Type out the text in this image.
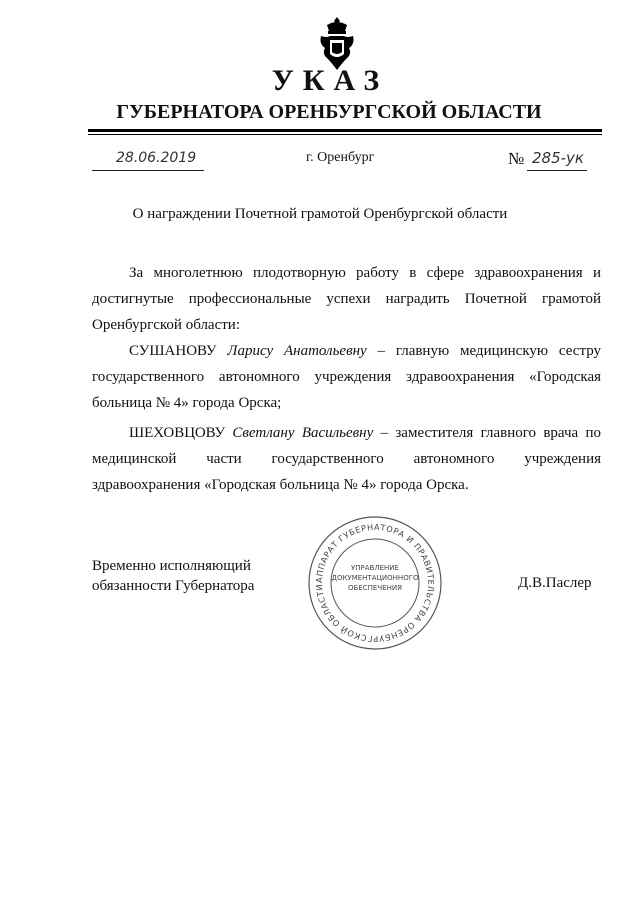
УКАЗ
ГУБЕРНАТОРА ОРЕНБУРГСКОЙ ОБЛАСТИ
28.06.2019	г. Оренбург	№ 285-ук
О награждении Почетной грамотой Оренбургской области
За многолетнюю плодотворную работу в сфере здравоохранения и достигнутые профессиональные успехи наградить Почетной грамотой Оренбургской области:
СУШАНОВУ Ларису Анатольевну – главную медицинскую сестру государственного автономного учреждения здравоохранения «Городская больница № 4» города Орска;
ШЕХОВЦОВУ Светлану Васильевну – заместителя главного врача по медицинской части государственного автономного учреждения здравоохранения «Городская больница № 4» города Орска.
Временно исполняющий
обязанности Губернатора	Д.В.Паслер
АППАРАТ ГУБЕРНАТОРА И ПРАВИТЕЛЬСТВА ОРЕНБУРГСКОЙ ОБЛАСТИ
УПРАВЛЕНИЕ
ДОКУМЕНТАЦИОННОГО
ОБЕСПЕЧЕНИЯ
